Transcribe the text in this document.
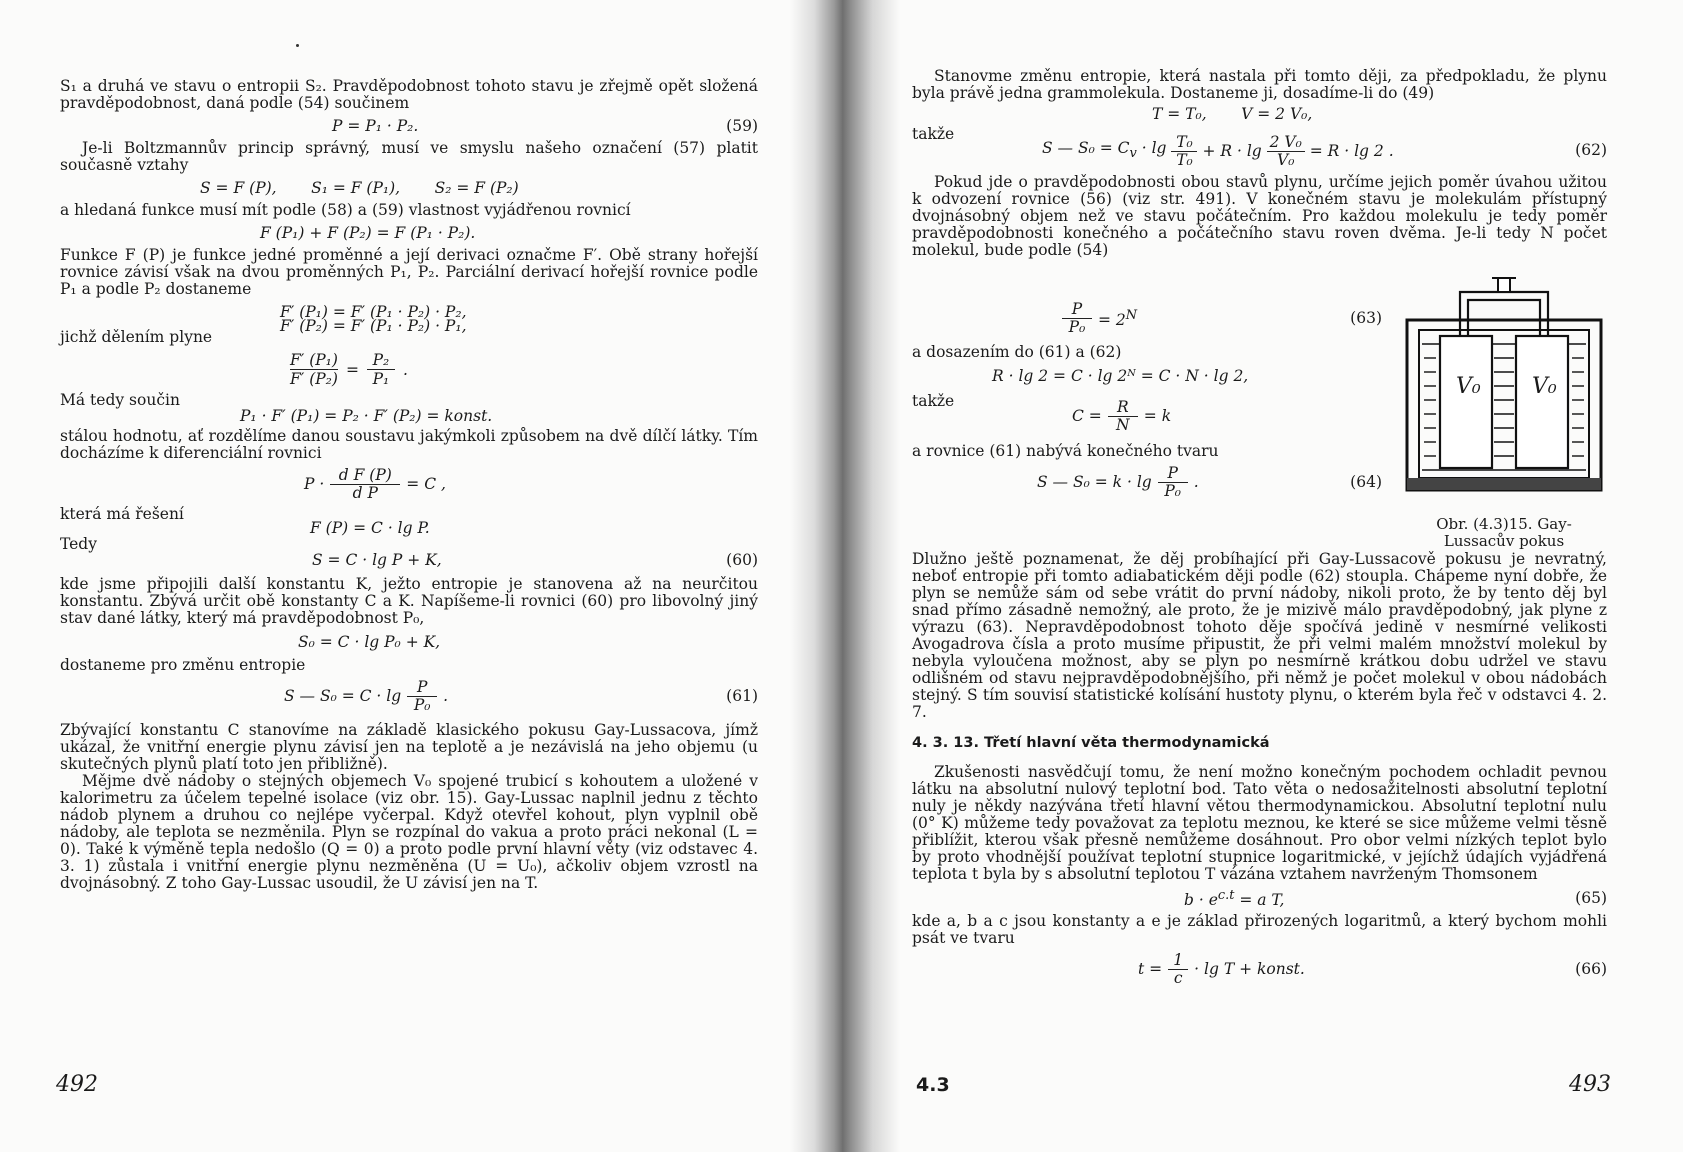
S₁ a druhá ve stavu o entropii S₂. Pravděpodobnost tohoto stavu je zřejmě opět složená pravděpodobnost, daná podle (54) součinem

P = P₁ · P₂.	(59)

Je-li Boltzmannův princip správný, musí ve smyslu našeho označení (57) platit současně vztahy

S = F (P),       S₁ = F (P₁),       S₂ = F (P₂)

a hledaná funkce musí mít podle (58) a (59) vlastnost vyjádřenou rovnicí

F (P₁) + F (P₂) = F (P₁ · P₂).

Funkce F (P) je funkce jedné proměnné a její derivaci označme F′. Obě strany hořejší rovnice závisí však na dvou proměnných P₁, P₂. Parciální derivací hořejší rovnice podle P₁ a podle P₂ dostaneme

F′ (P₁) = F′ (P₁ · P₂) · P₂,
jichž dělením plyne
F′ (P₂) = F′ (P₁ · P₂) · P₁,
$\frac{\text{F′ (P₁)}}{\text{F′ (P₂)}} = \frac{\text{P₂}}{\text{P₁}}$ .
Má tedy součin
P₁ · F′ (P₁) = P₂ · F′ (P₂) = konst.

stálou hodnotu, ať rozdělíme danou soustavu jakýmkoli způsobem na dvě dílčí látky. Tím docházíme k diferenciální rovnici

$P \cdot \frac{\text{d F (P)}}{\text{d P}} = C$ ,
která má řešení
F (P) = C · lg P.
Tedy
S = C · lg P + K,	(60)

kde jsme připojili další konstantu K, ježto entropie je stanovena až na neurčitou konstantu. Zbývá určit obě konstanty C a K. Napíšeme-li rovnici (60) pro libovolný jiný stav dané látky, který má pravděpodobnost P₀,

S₀ = C · lg P₀ + K,

dostaneme pro změnu entropie

S — $S_0 = C \cdot \lg \frac{P}{\text{P₀}}$ .	(61)

Zbývající konstantu C stanovíme na základě klasického pokusu Gay-Lussacova, jímž ukázal, že vnitřní energie plynu závisí jen na teplotě a je nezávislá na jeho objemu (u skutečných plynů platí toto jen přibližně).

Mějme dvě nádoby o stejných objemech V₀ spojené trubicí s kohoutem a uložené v kalorimetru za účelem tepelné isolace (viz obr. 15). Gay-Lussac naplnil jednu z těchto nádob plynem a druhou co nejlépe vyčerpal. Když otevřel kohout, plyn vyplnil obě nádoby, ale teplota se nezměnila. Plyn se rozpínal do vakua a proto práci nekonal (L = 0). Také k výměně tepla nedošlo (Q = 0) a proto podle první hlavní věty (viz odstavec 4. 3. 1) zůstala i vnitřní energie plynu nezměněna (U = U₀), ačkoliv objem vzrostl na dvojnásobný. Z toho Gay-Lussac usoudil, že U závisí jen na T.

492

Stanovme změnu entropie, která nastala při tomto ději, za předpokladu, že plynu byla právě jedna grammolekula. Dostaneme ji, dosadíme-li do (49)

T = T₀,       V = 2 V₀,
takže
S — $S_0 = C_v \cdot \lg \frac{\text{T₀}}{\text{T₀}} + R \cdot \lg \frac{\text{2 V₀}}{\text{V₀}} = R \cdot \lg 2$ .	(62)

Pokud jde o pravděpodobnosti obou stavů plynu, určíme jejich poměr úvahou užitou k odvození rovnice (56) (viz str. 491). V konečném stavu je molekulám přístupný dvojnásobný objem než ve stavu počátečním. Pro každou molekulu je tedy poměr pravděpodobnosti konečného a počátečního stavu roven dvěma. Je-li tedy N počet molekul, bude podle (54)

$\frac{P}{\text{P₀}} = 2^N$	(63)

a dosazením do (61) a (62)

R · lg 2 = C · lg 2ᴺ = C · N · lg 2,
takže
$C = \frac{R}{N} = k$

a rovnice (61) nabývá konečného tvaru

S — $S_0 = k \cdot \lg \frac{P}{\text{P₀}}$ .	(64)
V₀ V₀
Obr. (4.3)15. Gay-Lussacův pokus

Dlužno ještě poznamenat, že děj probíhající při Gay-Lussacově pokusu je nevratný, neboť entropie při tomto adiabatickém ději podle (62) stoupla. Chápeme nyní dobře, že plyn se nemůže sám od sebe vrátit do první nádoby, nikoli proto, že by tento děj byl snad přímo zásadně nemožný, ale proto, že je mizivě málo pravděpodobný, jak plyne z výrazu (63). Nepravděpodobnost tohoto děje spočívá jedině v nesmírné velikosti Avogadrova čísla a proto musíme připustit, že při velmi malém množství molekul by nebyla vyloučena možnost, aby se plyn po nesmírně krátkou dobu udržel ve stavu odlišném od stavu nejpravděpodobnějšího, při němž je počet molekul v obou nádobách stejný. S tím souvisí statistické kolísání hustoty plynu, o kterém byla řeč v odstavci 4. 2. 7.

4. 3. 13. Třetí hlavní věta thermodynamická

Zkušenosti nasvědčují tomu, že není možno konečným pochodem ochladit pevnou látku na absolutní nulový teplotní bod. Tato věta o nedosažitelnosti absolutní teplotní nuly je někdy nazývána třetí hlavní větou thermodynamickou. Absolutní teplotní nulu (0° K) můžeme tedy považovat za teplotu meznou, ke které se sice můžeme velmi těsně přiblížit, kterou však přesně nemůžeme dosáhnout. Pro obor velmi nízkých teplot bylo by proto vhodnější používat teplotní stupnice logaritmické, v jejíchž údajích vyjádřená teplota t byla by s absolutní teplotou T vázána vztahem navrženým Thomsonem

$b \cdot e^{c.t} = a$ T,	(65)

kde a, b a c jsou konstanty a e je základ přirozených logaritmů, a který bychom mohli psát ve tvaru

$t = \frac{1}{c} \cdot \lg T$ + konst.	(66)
4.3	493
